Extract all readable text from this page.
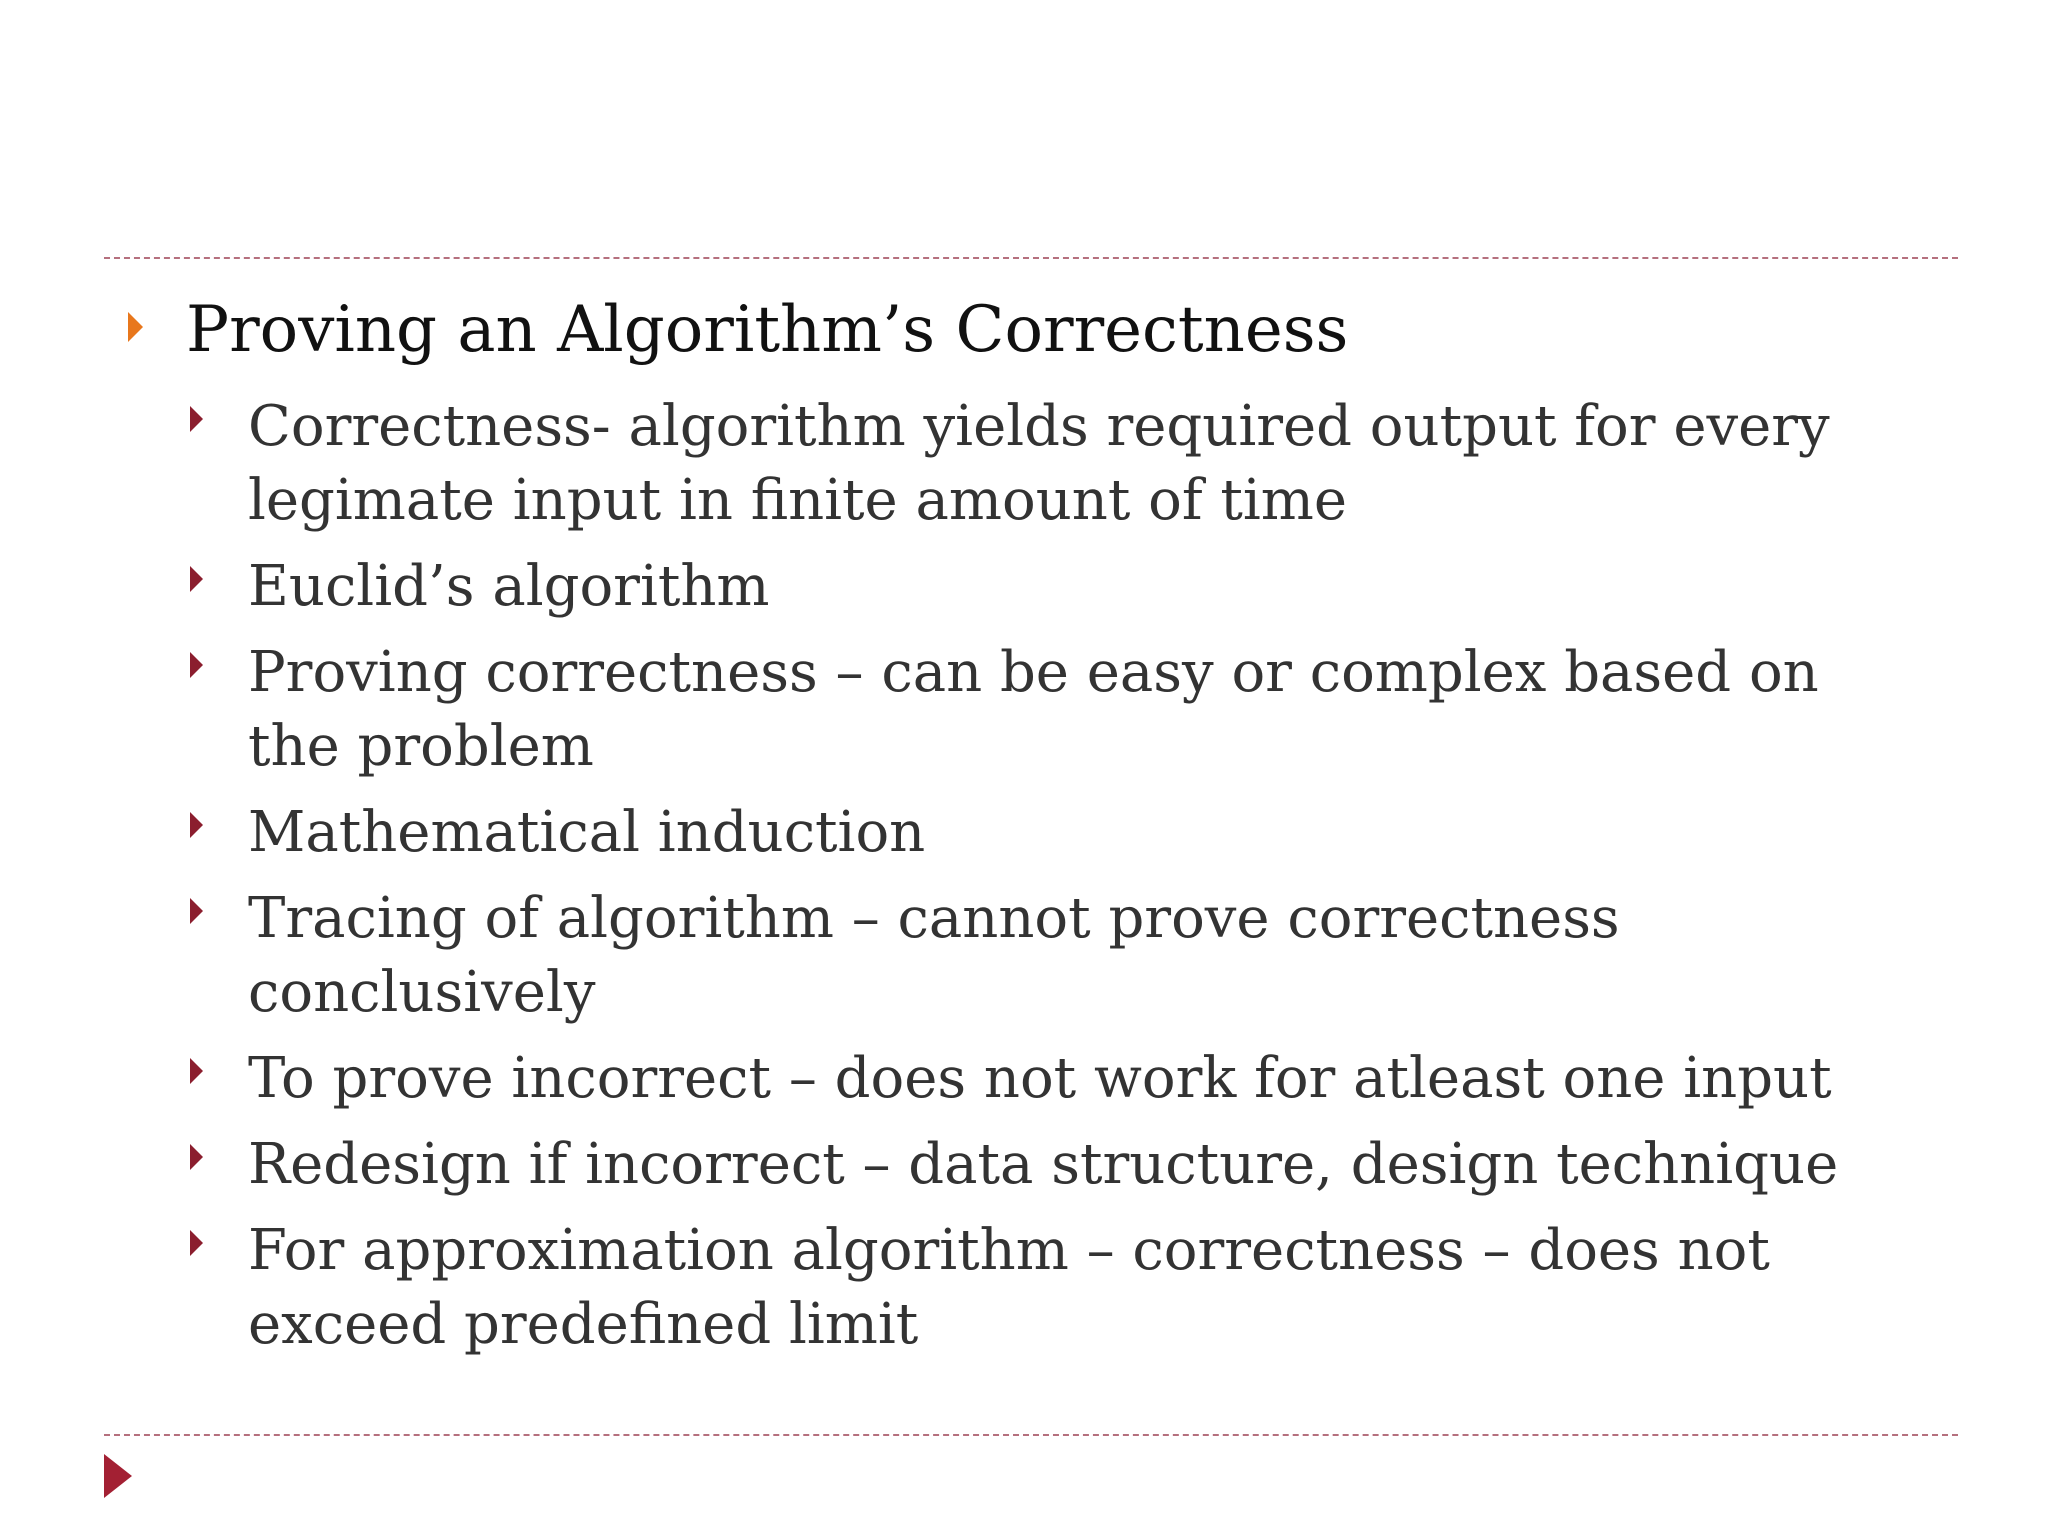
Proving an Algorithm’s Correctness
Correctness- algorithm yields required output for every legimate input in finite amount of time
Euclid’s algorithm
Proving correctness – can be easy or complex based on the problem
Mathematical induction
Tracing of algorithm – cannot prove correctness conclusively
To prove incorrect – does not work for atleast one input
Redesign if incorrect – data structure, design technique
For approximation algorithm – correctness – does not exceed predefined limit
